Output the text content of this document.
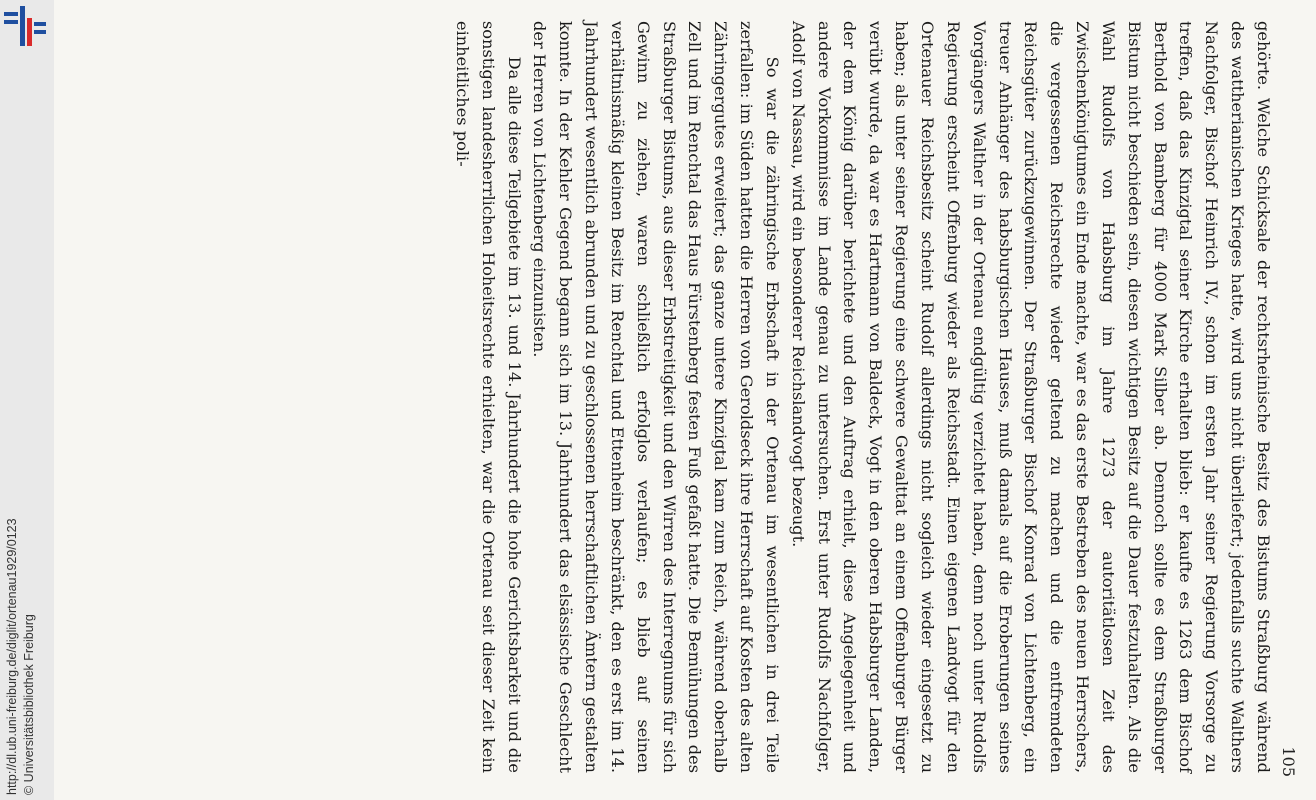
http://dl.ub.uni-freiburg.de/diglit/ortenau1929/0123 © Universitätsbibliothek Freiburg	105

gehörte. Welche Schicksale der rechtsrheinische Besitz des Bistums Straßburg während des wattherianischen Krieges hatte, wird uns nicht überliefert; jedenfalls suchte Walthers Nachfolger, Bischof Heinrich IV., schon im ersten Jahr seiner Regierung Vorsorge zu treffen, daß das Kinzigtal seiner Kirche erhalten blieb: er kaufte es 1263 dem Bischof Berthold von Bamberg für 4000 Mark Silber ab. Dennoch sollte es dem Straßburger Bistum nicht beschieden sein, diesen wichtigen Besitz auf die Dauer festzuhalten. Als die Wahl Rudolfs von Habsburg im Jahre 1273 der autoritätlosen Zeit des Zwischenkönigtumes ein Ende machte, war es das erste Bestreben des neuen Herrschers, die vergessenen Reichsrechte wieder geltend zu machen und die entfremdeten Reichsgüter zurückzugewinnen. Der Straßburger Bischof Konrad von Lichtenberg, ein treuer Anhänger des habsburgischen Hauses, muß damals auf die Eroberungen seines Vorgängers Walther in der Ortenau endgültig verzichtet haben, denn noch unter Rudolfs Regierung erscheint Offenburg wieder als Reichsstadt. Einen eigenen Landvogt für den Ortenauer Reichsbesitz scheint Rudolf allerdings nicht sogleich wieder eingesetzt zu haben; als unter seiner Regierung eine schwere Gewalttat an einem Offenburger Bürger verübt wurde, da war es Hartmann von Baldeck, Vogt in den oberen Habsburger Landen, der dem König darüber berichtete und den Auftrag erhielt, diese Angelegenheit und andere Vorkommnisse im Lande genau zu untersuchen. Erst unter Rudolfs Nachfolger, Adolf von Nassau, wird ein besonderer Reichslandvogt bezeugt.

So war die zähringische Erbschaft in der Ortenau im wesentlichen in drei Teile zerfallen: im Süden hatten die Herren von Geroldseck ihre Herrschaft auf Kosten des alten Zähringergutes erweitert; das ganze untere Kinzigtal kam zum Reich, während oberhalb Zell und im Renchtal das Haus Fürstenberg festen Fuß gefaßt hatte. Die Bemühungen des Straßburger Bistums, aus dieser Erbstreitigkeit und den Wirren des Interregnums für sich Gewinn zu ziehen, waren schließlich erfolglos verlaufen; es blieb auf seinen verhältnismäßig kleinen Besitz im Renchtal und Ettenheim beschränkt, den es erst im 14. Jahrhundert wesentlich abrunden und zu geschlossenen herrschaftlichen Ämtern gestalten konnte. In der Kehler Gegend begann sich im 13. Jahrhundert das elsässische Geschlecht der Herren von Lichtenberg einzunisten.

Da alle diese Teilgebiete im 13. und 14. Jahrhundert die hohe Gerichtsbarkeit und die sonstigen landesherrlichen Hoheitsrechte erhielten, war die Ortenau seit dieser Zeit kein einheitliches poli-
